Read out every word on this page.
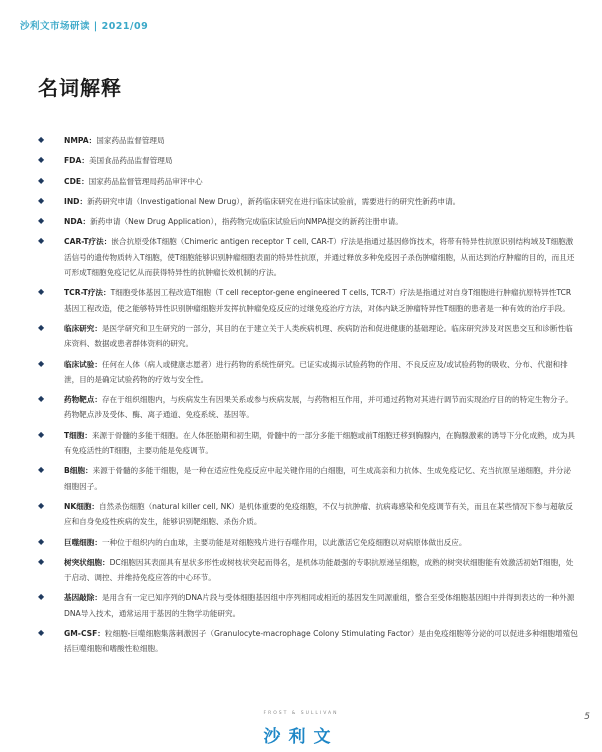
沙利文市场研读 | 2021/09
名词解释
◆
NMPA：国家药品监督管理局
◆
FDA：美国食品药品监督管理局
◆
CDE：国家药品监督管理局药品审评中心
◆
IND：新药研究申请（Investigational New Drug），新药临床研究在进行临床试验前，需要进行的研究性新药申请。
◆
NDA：新药申请（New Drug Application），指药物完成临床试验后向NMPA提交的新药注册申请。
◆
CAR-T疗法：嵌合抗原受体T细胞（Chimeric antigen receptor T cell, CAR-T）疗法是指通过基因修饰技术，将带有特异性抗原识别结构域及T细胞激活信号的遗传物质转入T细胞，使T细胞能够识别肿瘤细胞表面的特异性抗原，并通过释放多种免疫因子杀伤肿瘤细胞，从而达到治疗肿瘤的目的，而且还可形成T细胞免疫记忆从而获得特异性的抗肿瘤长效机制的疗法。
◆
TCR-T疗法：T细胞受体基因工程改造T细胞（T cell receptor-gene engineered T cells, TCR-T）疗法是指通过对自身T细胞进行肿瘤抗原特异性TCR基因工程改造，使之能够特异性识别肿瘤细胞并发挥抗肿瘤免疫反应的过继免疫治疗方法，对体内缺乏肿瘤特异性T细胞的患者是一种有效的治疗手段。
◆
临床研究：是医学研究和卫生研究的一部分，其目的在于建立关于人类疾病机理、疾病防治和促进健康的基础理论。临床研究涉及对医患交互和诊断性临床资料、数据或患者群体资料的研究。
◆
临床试验：任何在人体（病人或健康志愿者）进行药物的系统性研究。已证实或揭示试验药物的作用、不良反应及/或试验药物的吸收、分布、代谢和排泄，目的是确定试验药物的疗效与安全性。
◆
药物靶点：存在于组织细胞内，与疾病发生有因果关系或参与疾病发展，与药物相互作用，并可通过药物对其进行调节而实现治疗目的的特定生物分子。药物靶点涉及受体、酶、离子通道、免疫系统、基因等。
◆
T细胞：来源于骨髓的多能干细胞。在人体胚胎期和初生期，骨髓中的一部分多能干细胞或前T细胞迁移到胸腺内，在胸腺激素的诱导下分化成熟，成为具有免疫活性的T细胞，主要功能是免疫调节。
◆
B细胞：来源于骨髓的多能干细胞，是一种在适应性免疫反应中起关键作用的白细胞，可生成高亲和力抗体、生成免疫记忆、充当抗原呈递细胞，并分泌细胞因子。
◆
NK细胞：自然杀伤细胞（natural killer cell, NK）是机体重要的免疫细胞，不仅与抗肿瘤、抗病毒感染和免疫调节有关，而且在某些情况下参与超敏反应和自身免疫性疾病的发生，能够识别靶细胞、杀伤介质。
◆
巨噬细胞：一种位于组织内的白血球，主要功能是对细胞残片进行吞噬作用，以此激活它免疫细胞以对病原体做出反应。
◆
树突状细胞：DC细胞因其表面具有星状多形性或树枝状突起而得名，是机体功能最强的专职抗原递呈细胞，成熟的树突状细胞能有效激活初始T细胞，处于启动、调控、并维持免疫应答的中心环节。
◆
基因敲除：是用含有一定已知序列的DNA片段与受体细胞基因组中序列相同或相近的基因发生同源重组，整合至受体细胞基因组中并得到表达的一种外源DNA导入技术，通常运用于基因的生物学功能研究。
◆
GM-CSF：粒细胞-巨噬细胞集落刺激因子（Granulocyte-macrophage Colony Stimulating Factor）是由免疫细胞等分泌的可以促进多种细胞增殖包括巨噬细胞和嗜酸性粒细胞。
FROST & SULLIVAN
沙利文
5
